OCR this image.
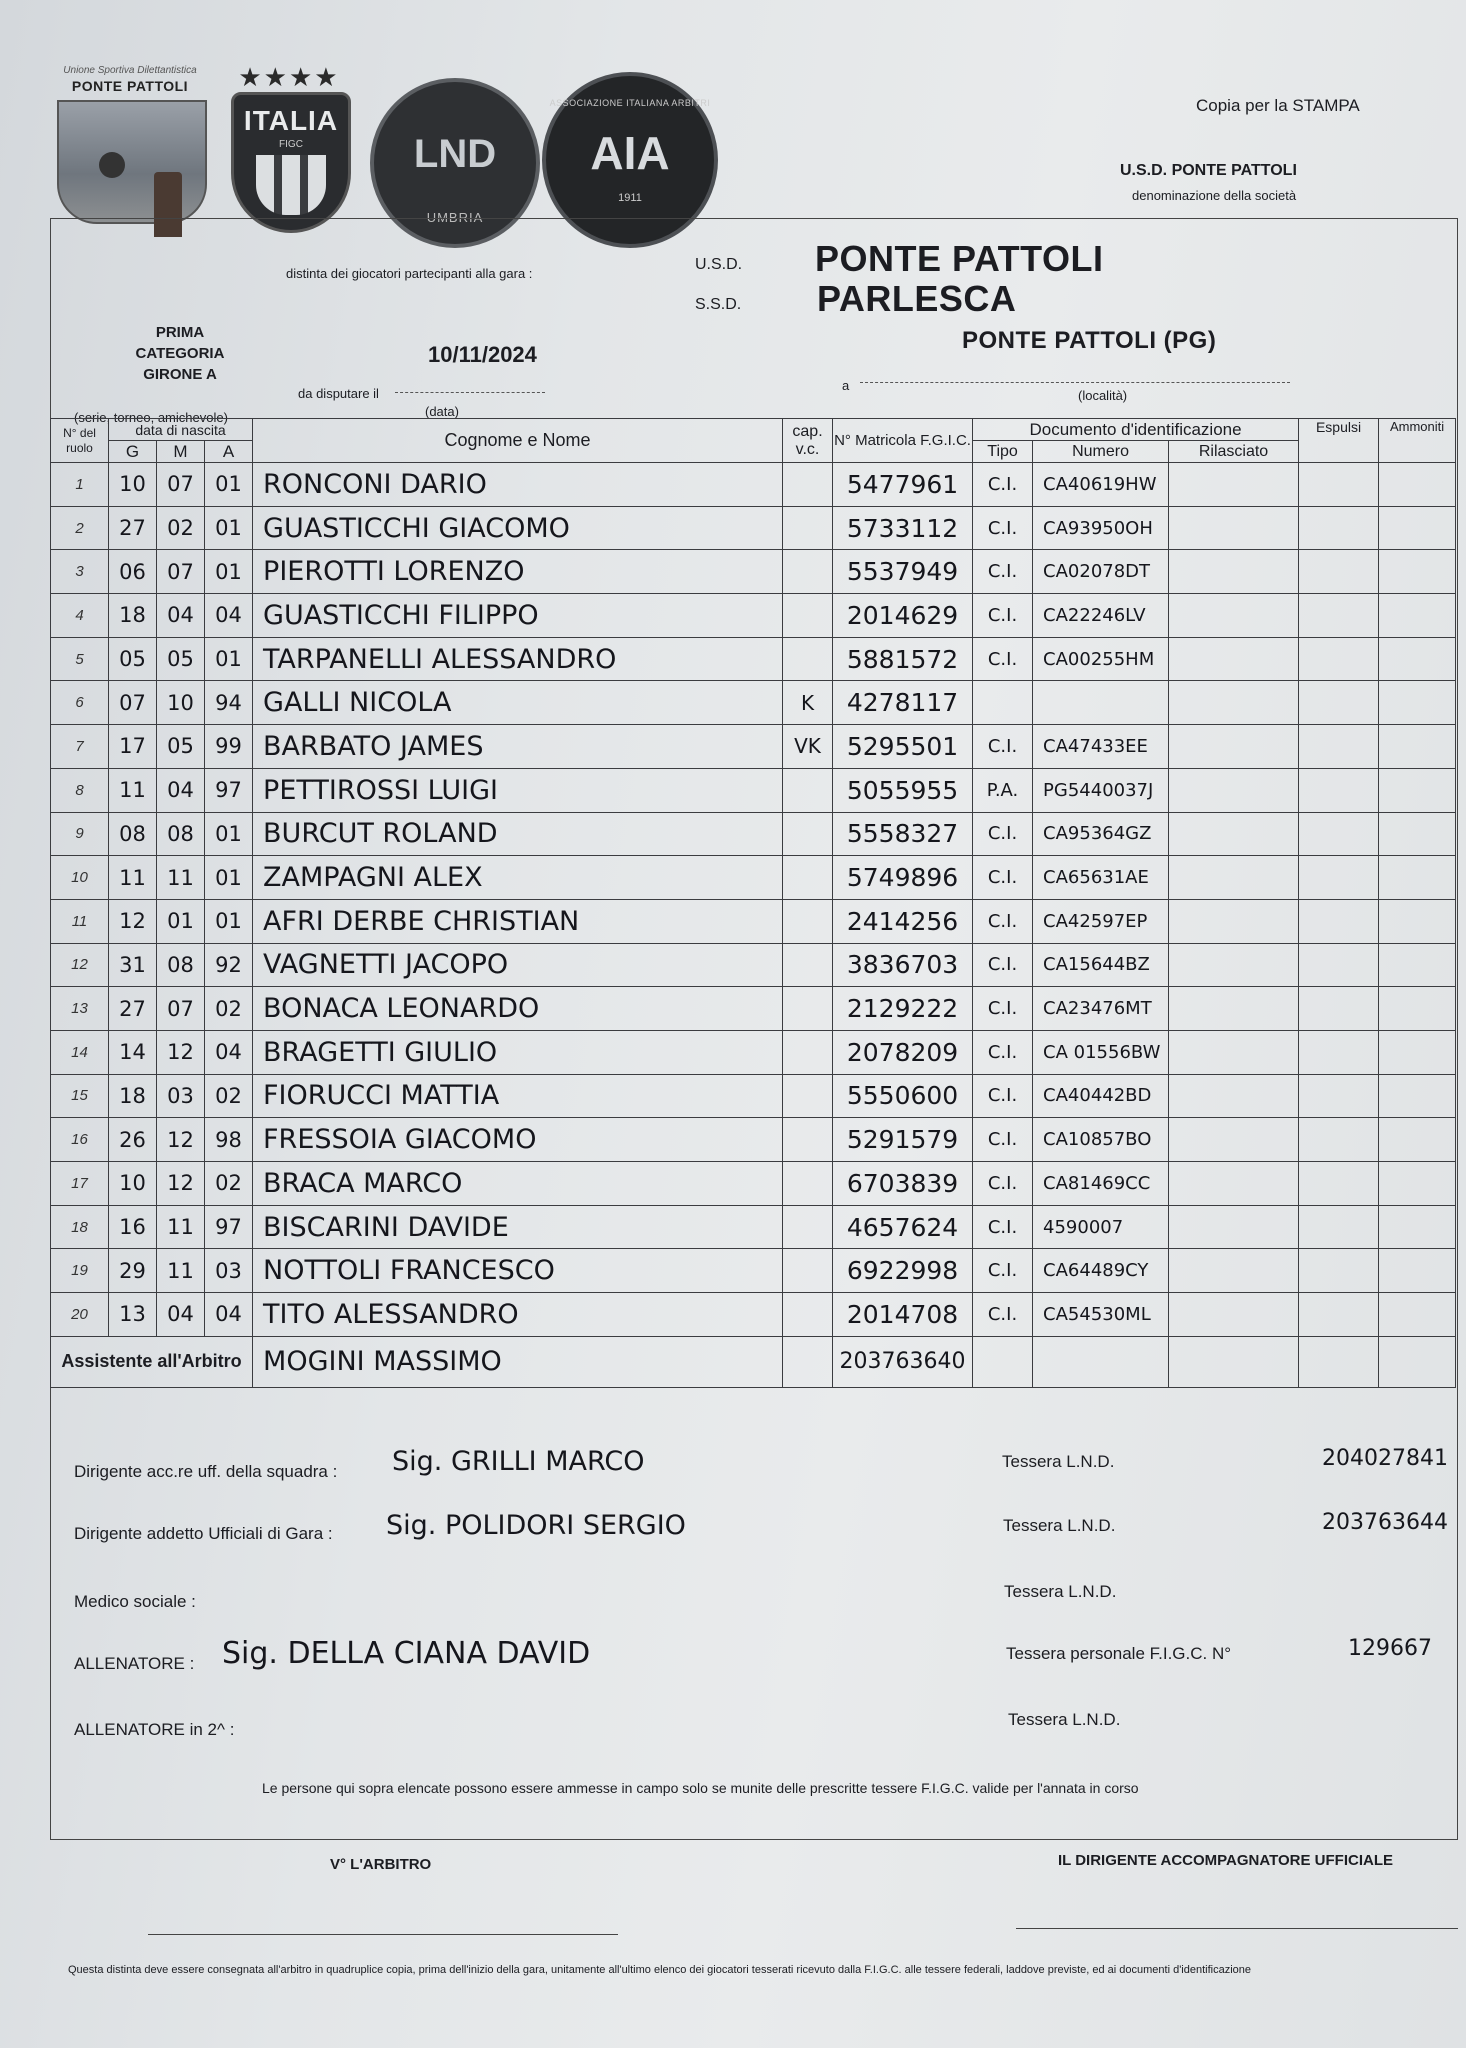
Unione Sportiva Dilettantistica
PONTE PATTOLI	★★★★
ITALIA
FIGC	LND
UMBRIA
ASSOCIAZIONE ITALIANA ARBITRI
AIA
1911
Copia per la STAMPA
U.S.D. PONTE PATTOLI
denominazione della società
distinta dei giocatori partecipanti alla gara :
U.S.D.
S.S.D.
PONTE PATTOLI
PARLESCA
PRIMA
CATEGORIA
GIRONE A
(serie, torneo, amichevole)
10/11/2024
da disputare il
(data)
PONTE PATTOLI (PG)
a
(località)
N° del ruolo	data di nascita			Cognome e Nome	cap. v.c.	N° Matricola F.G.I.C.	Documento d'identificazione			Espulsi	Ammoniti
	G	M	A				Tipo	Numero	Rilasciato		
1	10	07	01	RONCONI DARIO		5477961	C.I.	CA40619HW			
2	27	02	01	GUASTICCHI GIACOMO		5733112	C.I.	CA93950OH			
3	06	07	01	PIEROTTI LORENZO		5537949	C.I.	CA02078DT			
4	18	04	04	GUASTICCHI FILIPPO		2014629	C.I.	CA22246LV			
5	05	05	01	TARPANELLI ALESSANDRO		5881572	C.I.	CA00255HM			
6	07	10	94	GALLI NICOLA	K	4278117					
7	17	05	99	BARBATO JAMES	VK	5295501	C.I.	CA47433EE			
8	11	04	97	PETTIROSSI LUIGI		5055955	P.A.	PG5440037J			
9	08	08	01	BURCUT ROLAND		5558327	C.I.	CA95364GZ			
10	11	11	01	ZAMPAGNI ALEX		5749896	C.I.	CA65631AE			
11	12	01	01	AFRI DERBE CHRISTIAN		2414256	C.I.	CA42597EP			
12	31	08	92	VAGNETTI JACOPO		3836703	C.I.	CA15644BZ			
13	27	07	02	BONACA LEONARDO		2129222	C.I.	CA23476MT			
14	14	12	04	BRAGETTI GIULIO		2078209	C.I.	CA 01556BW			
15	18	03	02	FIORUCCI MATTIA		5550600	C.I.	CA40442BD			
16	26	12	98	FRESSOIA GIACOMO		5291579	C.I.	CA10857BO			
17	10	12	02	BRACA MARCO		6703839	C.I.	CA81469CC			
18	16	11	97	BISCARINI DAVIDE		4657624	C.I.	4590007			
19	29	11	03	NOTTOLI FRANCESCO		6922998	C.I.	CA64489CY			
20	13	04	04	TITO ALESSANDRO		2014708	C.I.	CA54530ML			
Assistente all'Arbitro				MOGINI MASSIMO		203763640					
Dirigente acc.re uff. della squadra : Sig. GRILLI MARCO	Tessera L.N.D.	204027841
Dirigente addetto Ufficiali di Gara : Sig. POLIDORI SERGIO	Tessera L.N.D.	203763644
Medico sociale :
Tessera L.N.D.
ALLENATORE : Sig. DELLA CIANA DAVID	Tessera personale F.I.G.C. N°	129667
ALLENATORE in 2^ :
Tessera L.N.D.
Le persone qui sopra elencate possono essere ammesse in campo solo se munite delle prescritte tessere F.I.G.C. valide per l'annata in corso
V° L'ARBITRO	IL DIRIGENTE ACCOMPAGNATORE UFFICIALE
Questa distinta deve essere consegnata all'arbitro in quadruplice copia, prima dell'inizio della gara, unitamente all'ultimo elenco dei giocatori tesserati ricevuto dalla F.I.G.C. alle tessere federali, laddove previste, ed ai documenti d'identificazione
